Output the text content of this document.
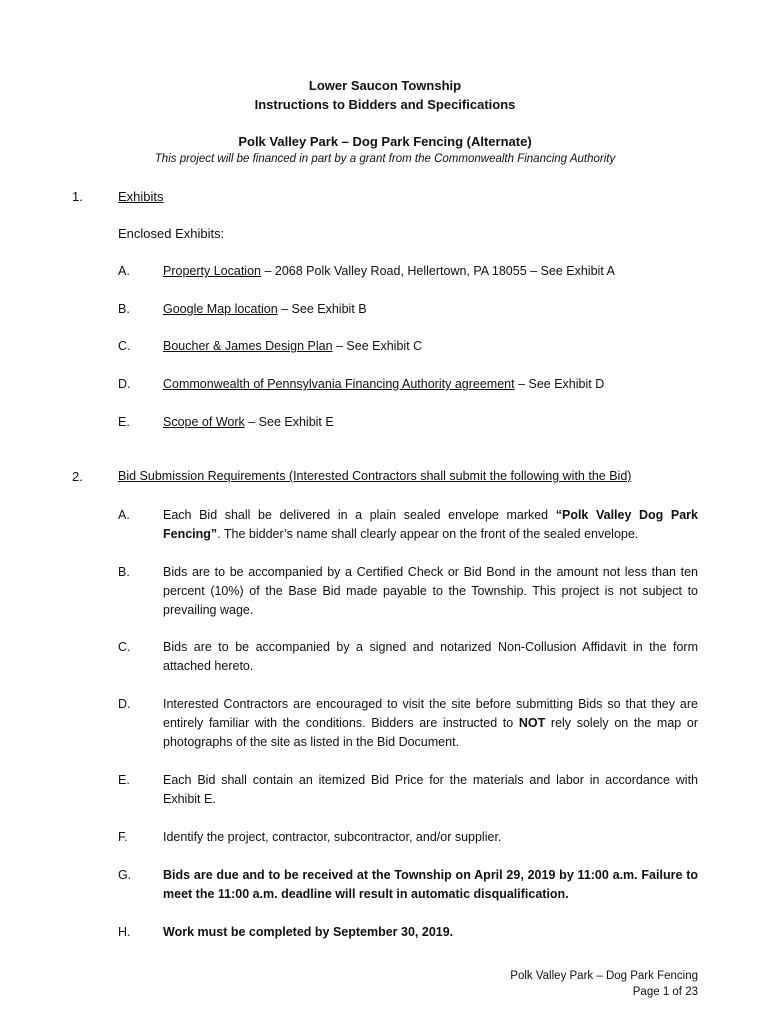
Lower Saucon Township
Instructions to Bidders and Specifications
Polk Valley Park – Dog Park Fencing (Alternate)
This project will be financed in part by a grant from the Commonwealth Financing Authority
1.	Exhibits
Enclosed Exhibits:
A.	Property Location – 2068 Polk Valley Road, Hellertown, PA 18055 – See Exhibit A
B.	Google Map location – See Exhibit B
C.	Boucher & James Design Plan – See Exhibit C
D.	Commonwealth of Pennsylvania Financing Authority agreement – See Exhibit D
E.	Scope of Work – See Exhibit E
2.	Bid Submission Requirements (Interested Contractors shall submit the following with the Bid)
A.	Each Bid shall be delivered in a plain sealed envelope marked “Polk Valley Dog Park Fencing”. The bidder’s name shall clearly appear on the front of the sealed envelope.
B.	Bids are to be accompanied by a Certified Check or Bid Bond in the amount not less than ten percent (10%) of the Base Bid made payable to the Township. This project is not subject to prevailing wage.
C.	Bids are to be accompanied by a signed and notarized Non-Collusion Affidavit in the form attached hereto.
D.	Interested Contractors are encouraged to visit the site before submitting Bids so that they are entirely familiar with the conditions. Bidders are instructed to NOT rely solely on the map or photographs of the site as listed in the Bid Document.
E.	Each Bid shall contain an itemized Bid Price for the materials and labor in accordance with Exhibit E.
F.	Identify the project, contractor, subcontractor, and/or supplier.
G.	Bids are due and to be received at the Township on April 29, 2019 by 11:00 a.m. Failure to meet the 11:00 a.m. deadline will result in automatic disqualification.
H.	Work must be completed by September 30, 2019.
Polk Valley Park – Dog Park Fencing
Page 1 of 23
